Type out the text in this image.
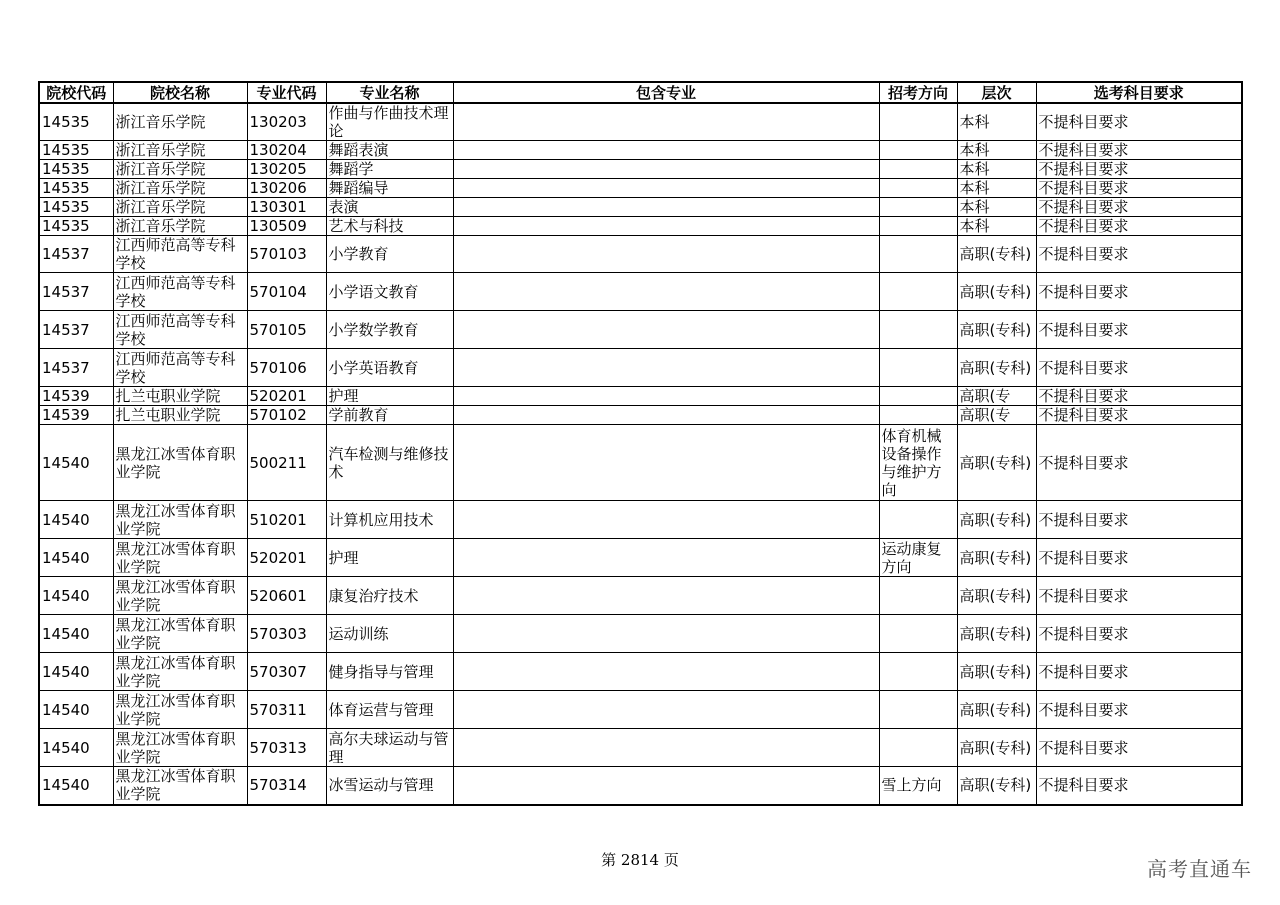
院校代码	院校名称	专业代码	专业名称	包含专业	招考方向	层次	选考科目要求
14535	浙江音乐学院	130203	作曲与作曲技术理论			本科	不提科目要求
14535	浙江音乐学院	130204	舞蹈表演			本科	不提科目要求
14535	浙江音乐学院	130205	舞蹈学			本科	不提科目要求
14535	浙江音乐学院	130206	舞蹈编导			本科	不提科目要求
14535	浙江音乐学院	130301	表演			本科	不提科目要求
14535	浙江音乐学院	130509	艺术与科技			本科	不提科目要求
14537	江西师范高等专科学校	570103	小学教育			高职(专科)	不提科目要求
14537	江西师范高等专科学校	570104	小学语文教育			高职(专科)	不提科目要求
14537	江西师范高等专科学校	570105	小学数学教育			高职(专科)	不提科目要求
14537	江西师范高等专科学校	570106	小学英语教育			高职(专科)	不提科目要求
14539	扎兰屯职业学院	520201	护理			高职(专	不提科目要求
14539	扎兰屯职业学院	570102	学前教育			高职(专	不提科目要求
14540	黑龙江冰雪体育职业学院	500211	汽车检测与维修技术		体育机械设备操作与维护方向	高职(专科)	不提科目要求
14540	黑龙江冰雪体育职业学院	510201	计算机应用技术			高职(专科)	不提科目要求
14540	黑龙江冰雪体育职业学院	520201	护理		运动康复方向	高职(专科)	不提科目要求
14540	黑龙江冰雪体育职业学院	520601	康复治疗技术			高职(专科)	不提科目要求
14540	黑龙江冰雪体育职业学院	570303	运动训练			高职(专科)	不提科目要求
14540	黑龙江冰雪体育职业学院	570307	健身指导与管理			高职(专科)	不提科目要求
14540	黑龙江冰雪体育职业学院	570311	体育运营与管理			高职(专科)	不提科目要求
14540	黑龙江冰雪体育职业学院	570313	高尔夫球运动与管理			高职(专科)	不提科目要求
14540	黑龙江冰雪体育职业学院	570314	冰雪运动与管理		雪上方向	高职(专科)	不提科目要求
第 2814 页	高考直通车
